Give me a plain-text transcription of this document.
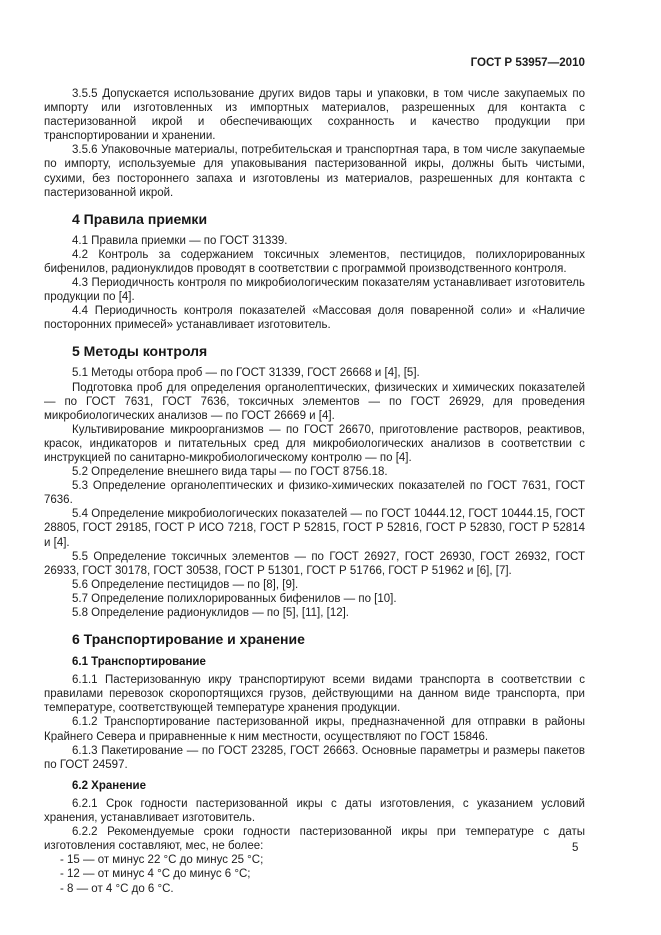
ГОСТ Р 53957—2010

3.5.5 Допускается использование других видов тары и упаковки, в том числе закупаемых по импорту или изготовленных из импортных материалов, разрешенных для контакта с пастеризованной икрой и обеспечивающих сохранность и качество продукции при транспортировании и хранении.

3.5.6 Упаковочные материалы, потребительская и транспортная тара, в том числе закупаемые по импорту, используемые для упаковывания пастеризованной икры, должны быть чистыми, сухими, без постороннего запаха и изготовлены из материалов, разрешенных для контакта с пастеризованной икрой.

4 Правила приемки

4.1 Правила приемки — по ГОСТ 31339.

4.2 Контроль за содержанием токсичных элементов, пестицидов, полихлорированных бифенилов, радионуклидов проводят в соответствии с программой производственного контроля.

4.3 Периодичность контроля по микробиологическим показателям устанавливает изготовитель продукции по [4].

4.4 Периодичность контроля показателей «Массовая доля поваренной соли» и «Наличие посторонних примесей» устанавливает изготовитель.

5 Методы контроля

5.1 Методы отбора проб — по ГОСТ 31339, ГОСТ 26668 и [4], [5].

Подготовка проб для определения органолептических, физических и химических показателей — по ГОСТ 7631, ГОСТ 7636, токсичных элементов — по ГОСТ 26929, для проведения микробиологических анализов — по ГОСТ 26669 и [4].

Культивирование микроорганизмов — по ГОСТ 26670, приготовление растворов, реактивов, красок, индикаторов и питательных сред для микробиологических анализов в соответствии с инструкцией по санитарно-микробиологическому контролю — по [4].

5.2 Определение внешнего вида тары — по ГОСТ 8756.18.

5.3 Определение органолептических и физико-химических показателей по ГОСТ 7631, ГОСТ 7636.

5.4 Определение микробиологических показателей — по ГОСТ 10444.12, ГОСТ 10444.15, ГОСТ 28805, ГОСТ 29185, ГОСТ Р ИСО 7218, ГОСТ Р 52815, ГОСТ Р 52816, ГОСТ Р 52830, ГОСТ Р 52814 и [4].

5.5 Определение токсичных элементов — по ГОСТ 26927, ГОСТ 26930, ГОСТ 26932, ГОСТ 26933, ГОСТ 30178, ГОСТ 30538, ГОСТ Р 51301, ГОСТ Р 51766, ГОСТ Р 51962 и [6], [7].

5.6 Определение пестицидов — по [8], [9].

5.7 Определение полихлорированных бифенилов — по [10].

5.8 Определение радионуклидов — по [5], [11], [12].

6 Транспортирование и хранение
6.1 Транспортирование

6.1.1 Пастеризованную икру транспортируют всеми видами транспорта в соответствии с правилами перевозок скоропортящихся грузов, действующими на данном виде транспорта, при температуре, соответствующей температуре хранения продукции.

6.1.2 Транспортирование пастеризованной икры, предназначенной для отправки в районы Крайнего Севера и приравненные к ним местности, осуществляют по ГОСТ 15846.

6.1.3 Пакетирование — по ГОСТ 23285, ГОСТ 26663. Основные параметры и размеры пакетов по ГОСТ 24597.

6.2 Хранение

6.2.1 Срок годности пастеризованной икры с даты изготовления, с указанием условий хранения, устанавливает изготовитель.

6.2.2 Рекомендуемые сроки годности пастеризованной икры при температуре с даты изготовления составляют, мес, не более:

- 15 — от минус 22 °С до минус 25 °С;
- 12 — от минус 4 °С до минус 6 °С;
- 8 — от 4 °С до 6 °С.
5
